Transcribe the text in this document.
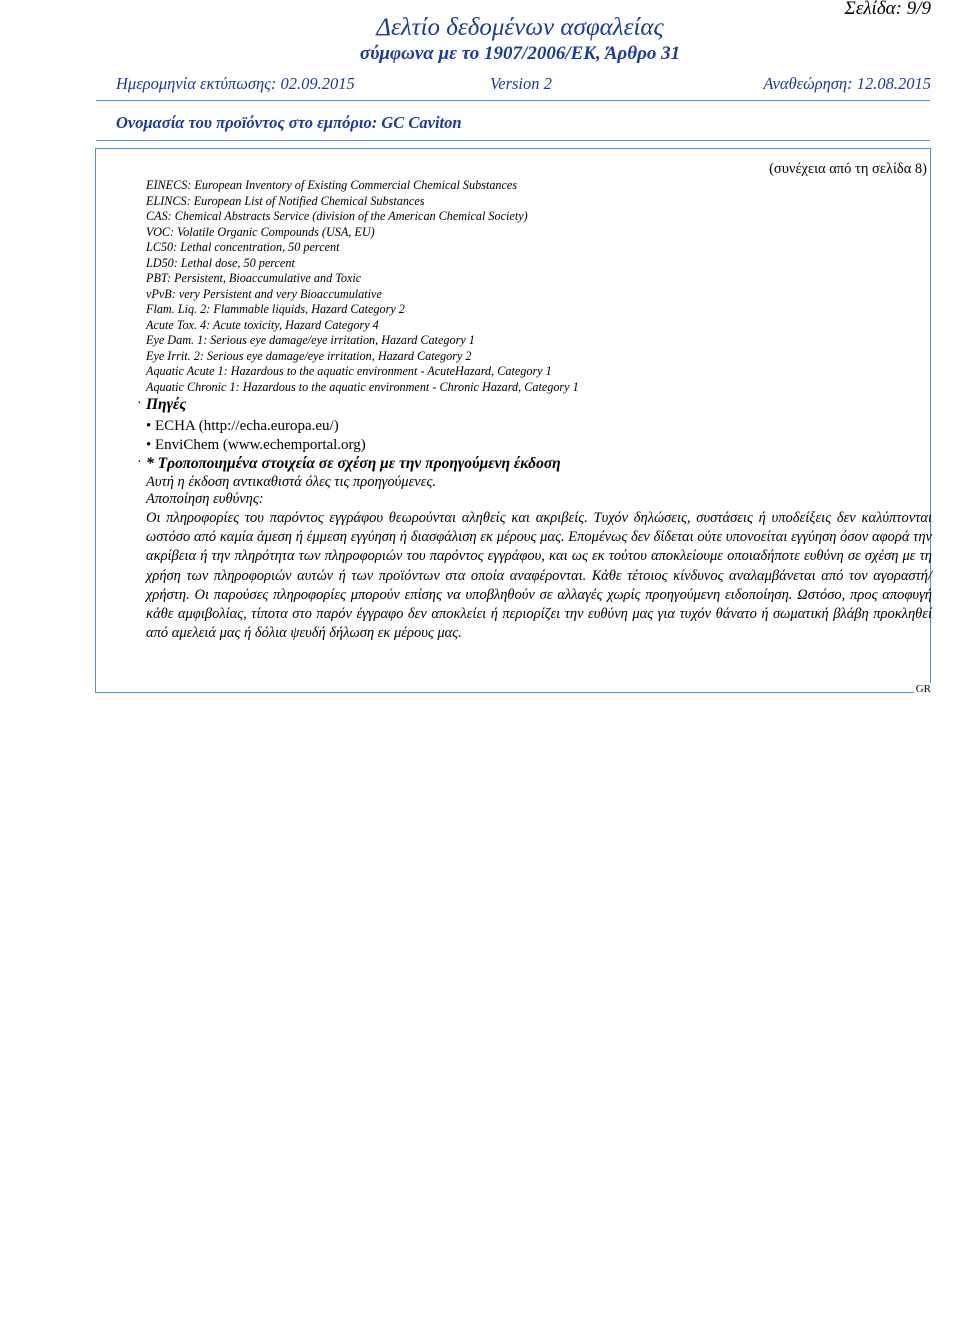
Δελτίο δεδομένων ασφαλείας
σύμφωνα με το 1907/2006/ΕΚ, Άρθρο 31
Σελίδα: 9/9
Ημερομηνία εκτύπωσης: 02.09.2015	Version 2	Αναθεώρηση: 12.08.2015
Ονομασία του προϊόντος στο εμπόριο: GC Caviton
(συνέχεια από τη σελίδα 8)
EINECS: European Inventory of Existing Commercial Chemical Substances
ELINCS: European List of Notified Chemical Substances
CAS: Chemical Abstracts Service (division of the American Chemical Society)
VOC: Volatile Organic Compounds (USA, EU)
LC50: Lethal concentration, 50 percent
LD50: Lethal dose, 50 percent
PBT: Persistent, Bioaccumulative and Toxic
vPvB: very Persistent and very Bioaccumulative
Flam. Liq. 2: Flammable liquids, Hazard Category 2
Acute Tox. 4: Acute toxicity, Hazard Category 4
Eye Dam. 1: Serious eye damage/eye irritation, Hazard Category 1
Eye Irrit. 2: Serious eye damage/eye irritation, Hazard Category 2
Aquatic Acute 1: Hazardous to the aquatic environment - AcuteHazard, Category 1
Aquatic Chronic 1: Hazardous to the aquatic environment - Chronic Hazard, Category 1
· Πηγές
• ECHA (http://echa.europa.eu/)
• EnviChem (www.echemportal.org)
· * Τροποποιημένα στοιχεία σε σχέση με την προηγούμενη έκδοση
Αυτή η έκδοση αντικαθιστά όλες τις προηγούμενες.
Αποποίηση ευθύνης:
Οι πληροφορίες του παρόντος εγγράφου θεωρούνται αληθείς και ακριβείς. Τυχόν δηλώσεις, συστάσεις ή υποδείξεις δεν καλύπτονται ωστόσο από καμία άμεση ή έμμεση εγγύηση ή διασφάλιση εκ μέρους μας. Επομένως δεν δίδεται ούτε υπονοείται εγγύηση όσον αφορά την ακρίβεια ή την πληρότητα των πληροφοριών του παρόντος εγγράφου, και ως εκ τούτου αποκλείουμε οποιαδήποτε ευθύνη σε σχέση με τη χρήση των πληροφοριών αυτών ή των προϊόντων στα οποία αναφέρονται. Κάθε τέτοιος κίνδυνος αναλαμβάνεται από τον αγοραστή/χρήστη. Οι παρούσες πληροφορίες μπορούν επίσης να υποβληθούν σε αλλαγές χωρίς προηγούμενη ειδοποίηση. Ωστόσο, προς αποφυγή κάθε αμφιβολίας, τίποτα στο παρόν έγγραφο δεν αποκλείει ή περιορίζει την ευθύνη μας για τυχόν θάνατο ή σωματική βλάβη προκληθεί από αμελειά μας ή δόλια ψευδή δήλωση εκ μέρους μας.
GR
